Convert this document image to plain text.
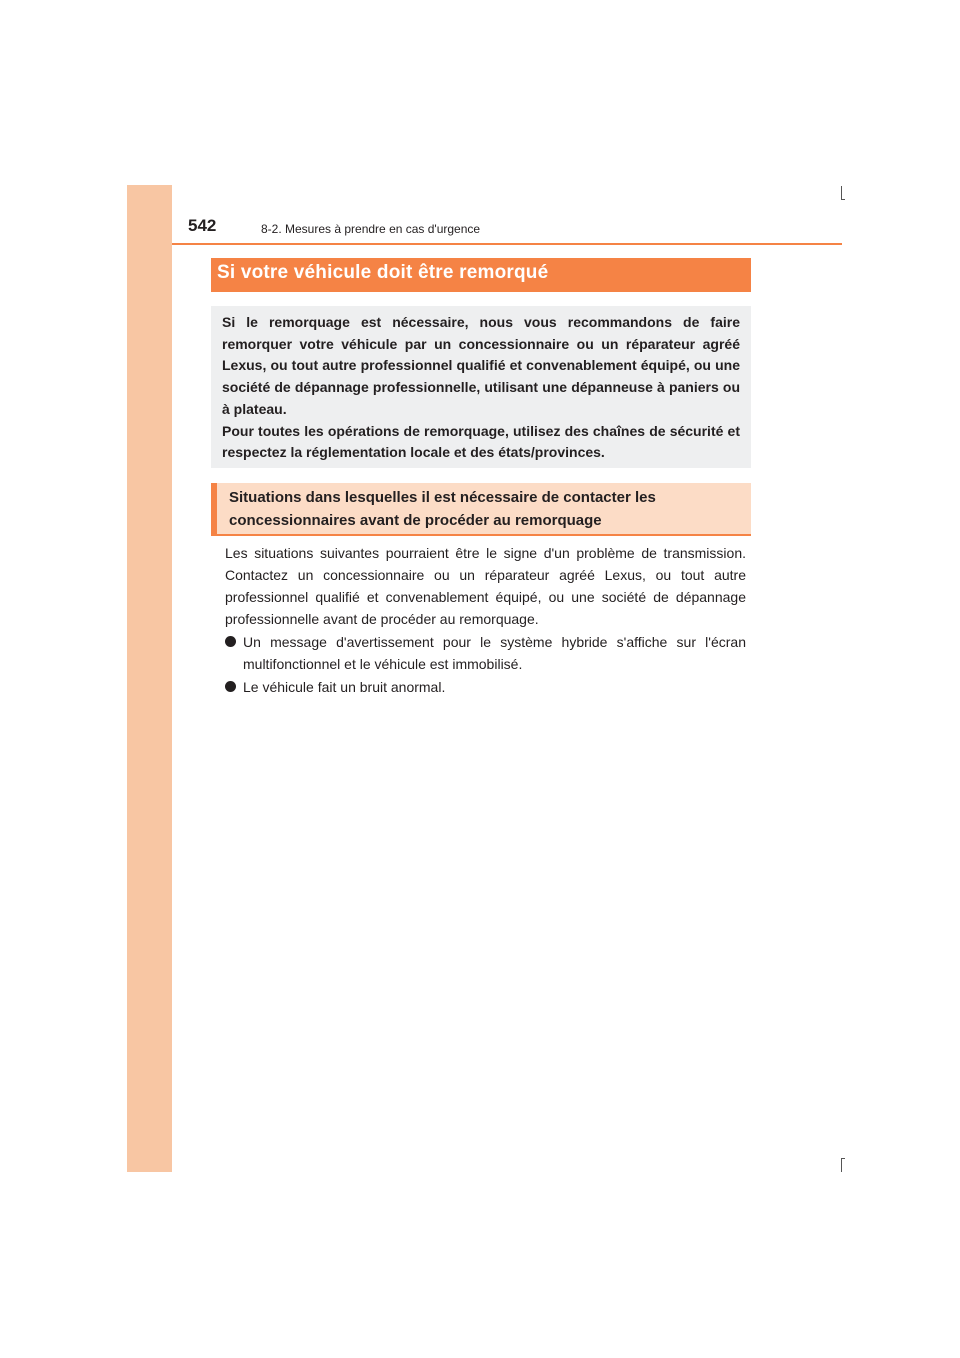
542	8-2. Mesures à prendre en cas d'urgence
Si votre véhicule doit être remorqué

Si le remorquage est nécessaire, nous vous recommandons de faire remorquer votre véhicule par un concessionnaire ou un réparateur agréé Lexus, ou tout autre professionnel qualifié et convenablement équipé, ou une société de dépannage professionnelle, utilisant une dépanneuse à paniers ou à plateau.

Pour toutes les opérations de remorquage, utilisez des chaînes de sécurité et respectez la réglementation locale et des états/provinces.

Situations dans lesquelles il est nécessaire de contacter les concessionnaires avant de procéder au remorquage

Les situations suivantes pourraient être le signe d'un problème de transmission. Contactez un concessionnaire ou un réparateur agréé Lexus, ou tout autre professionnel qualifié et convenablement équipé, ou une société de dépannage professionnelle avant de procéder au remorquage.

Un message d'avertissement pour le système hybride s'affiche sur l'écran multifonctionnel et le véhicule est immobilisé.
Le véhicule fait un bruit anormal.
